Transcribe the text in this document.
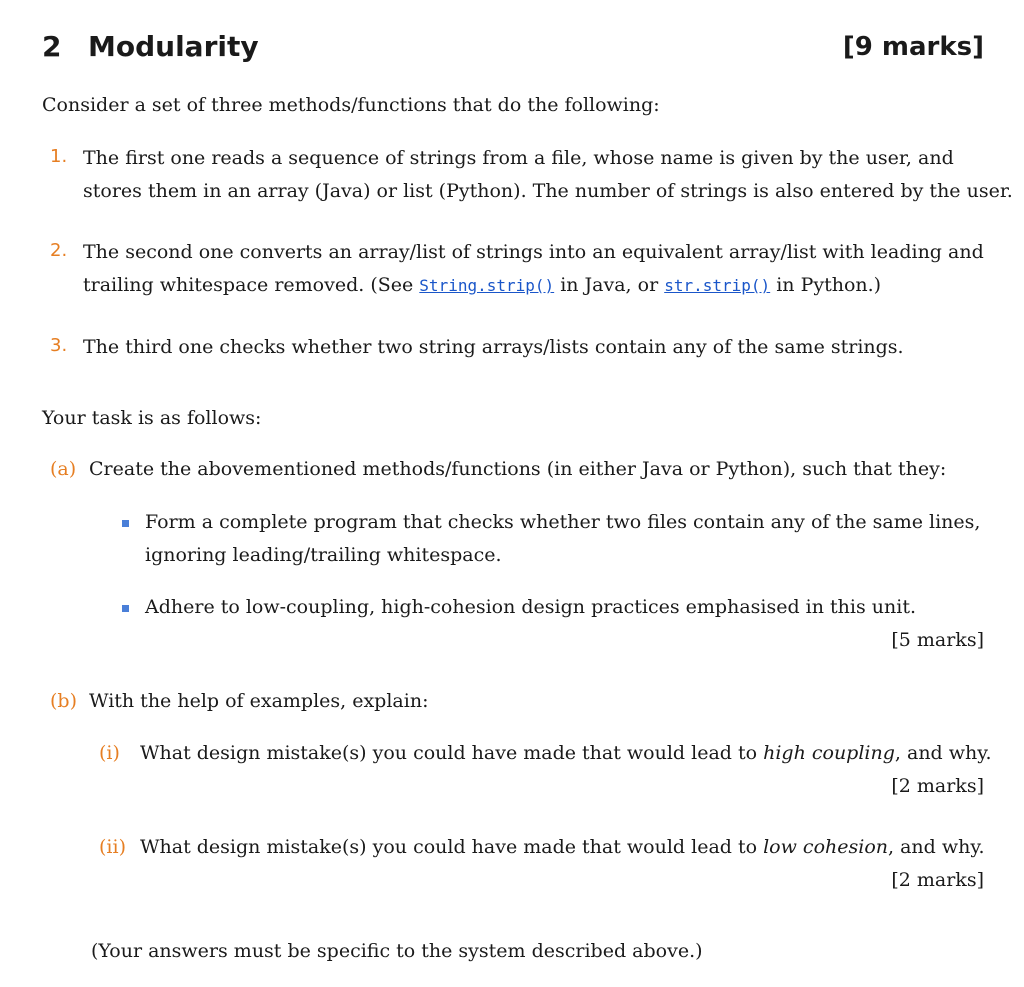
2 Modularity	[9 marks]
Consider a set of three methods/functions that do the following:
1. The first one reads a sequence of strings from a file, whose name is given by the user, and
stores them in an array (Java) or list (Python). The number of strings is also entered by the user.
2. The second one converts an array/list of strings into an equivalent array/list with leading and
trailing whitespace removed. (See String.strip() in Java, or str.strip() in Python.)
3. The third one checks whether two string arrays/lists contain any of the same strings.
Your task is as follows:
(a) Create the abovementioned methods/functions (in either Java or Python), such that they:
Form a complete program that checks whether two files contain any of the same lines,
ignoring leading/trailing whitespace.
Adhere to low-coupling, high-cohesion design practices emphasised in this unit.
[5 marks]
(b) With the help of examples, explain:
(i) What design mistake(s) you could have made that would lead to high coupling, and why.
[2 marks]
(ii) What design mistake(s) you could have made that would lead to low cohesion, and why.
[2 marks]
(Your answers must be specific to the system described above.)
